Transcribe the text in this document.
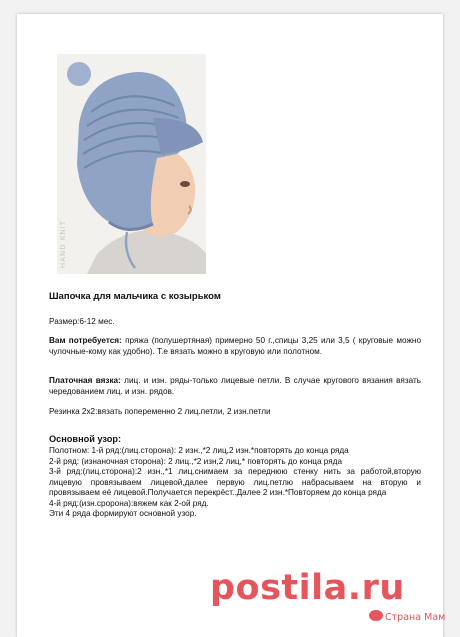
HAND KNIT
Шапочка для мальчика с козырьком
Размер:6-12 мес.
Вам потребуется: пряжа (полушертяная) примерно 50 г.,спицы 3,25 или 3,5 ( круговые можно чулочные-кому как удобно). Т.е вязать можно в круговую или полотном.
Платочная вязка: лиц. и изн. ряды-только лицевые петли. В случае кругового вязания вязать чередованием лиц. и изн. рядов.
Резинка 2х2:вязать попеременно 2 лиц.петли, 2 изн.петли
Основной узор:
Полотном: 1-й ряд:(лиц.сторона): 2 изн.,*2 лиц,2 изн.*повторять до конца ряда
2-й ряд: (изнаночная сторона): 2 лиц.,*2 изн,2 лиц,* повторять до конца ряда
3-й ряд:(лиц.сторона):2 изн.,*1 лиц.снимаем за переднюю стенку нить за работой,вторую лицевую провязываем лицевой,далее первую лиц.петлю набрасываем на вторую и провязываем её лицевой.Получается перекрёст..Далее 2 изн.*Повторяем до конца ряда
4-й ряд:(изн.сророна):вяжем как 2-ой ряд.
Эти 4 ряда формируют основной узор.
postila.ru
Страна Мам
